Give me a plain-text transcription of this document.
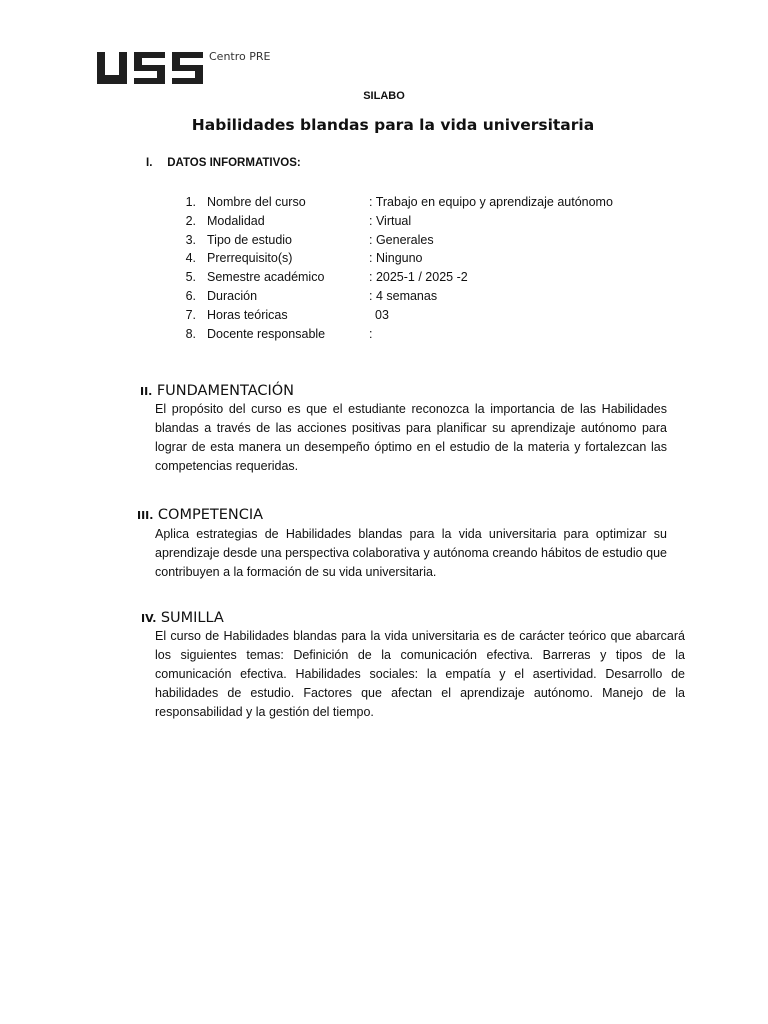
Centro PRE
SILABO
Habilidades blandas para la vida universitaria
I. DATOS INFORMATIVOS:
1. Nombre del curso	: Trabajo en equipo y aprendizaje autónomo
2. Modalidad	: Virtual
3. Tipo de estudio	: Generales
4. Prerrequisito(s)	: Ninguno
5. Semestre académico	: 2025-1 / 2025 -2
6. Duración	: 4 semanas
7. Horas teóricas	03
8. Docente responsable	:
II. FUNDAMENTACIÓN
El propósito del curso es que el estudiante reconozca la importancia de las Habilidades blandas a través de las acciones positivas para planificar su aprendizaje autónomo para lograr de esta manera un desempeño óptimo en el estudio de la materia y fortalezcan las competencias requeridas.
III. COMPETENCIA
Aplica estrategias de Habilidades blandas para la vida universitaria para optimizar su aprendizaje desde una perspectiva colaborativa y autónoma creando hábitos de estudio que contribuyen a la formación de su vida universitaria.
IV. SUMILLA
El curso de Habilidades blandas para la vida universitaria es de carácter teórico que abarcará los siguientes temas: Definición de la comunicación efectiva. Barreras y tipos de la comunicación efectiva. Habilidades sociales: la empatía y el asertividad. Desarrollo de habilidades de estudio. Factores que afectan el aprendizaje autónomo. Manejo de la responsabilidad y la gestión del tiempo.
